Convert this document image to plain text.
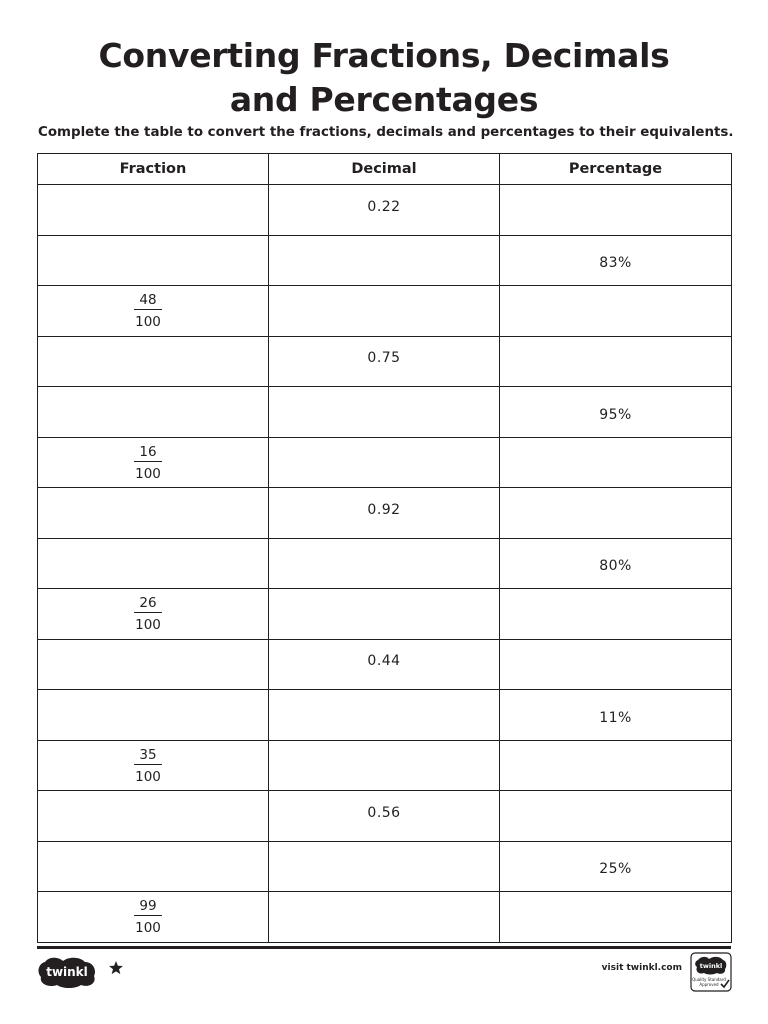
Converting Fractions, Decimals
and Percentages

Complete the table to convert the fractions, decimals and percentages to their equivalents.

Fraction	Decimal	Percentage
	0.22	
		83%

$\frac{48}{100}$

	0.75	
		95%

$\frac{16}{100}$

	0.92	
		80%

$\frac{26}{100}$

	0.44	
		11%

$\frac{35}{100}$

	0.56	
		25%

$\frac{99}{100}$

twinkl	visit twinkl.com	twinkl
Quality Standard
Approved
